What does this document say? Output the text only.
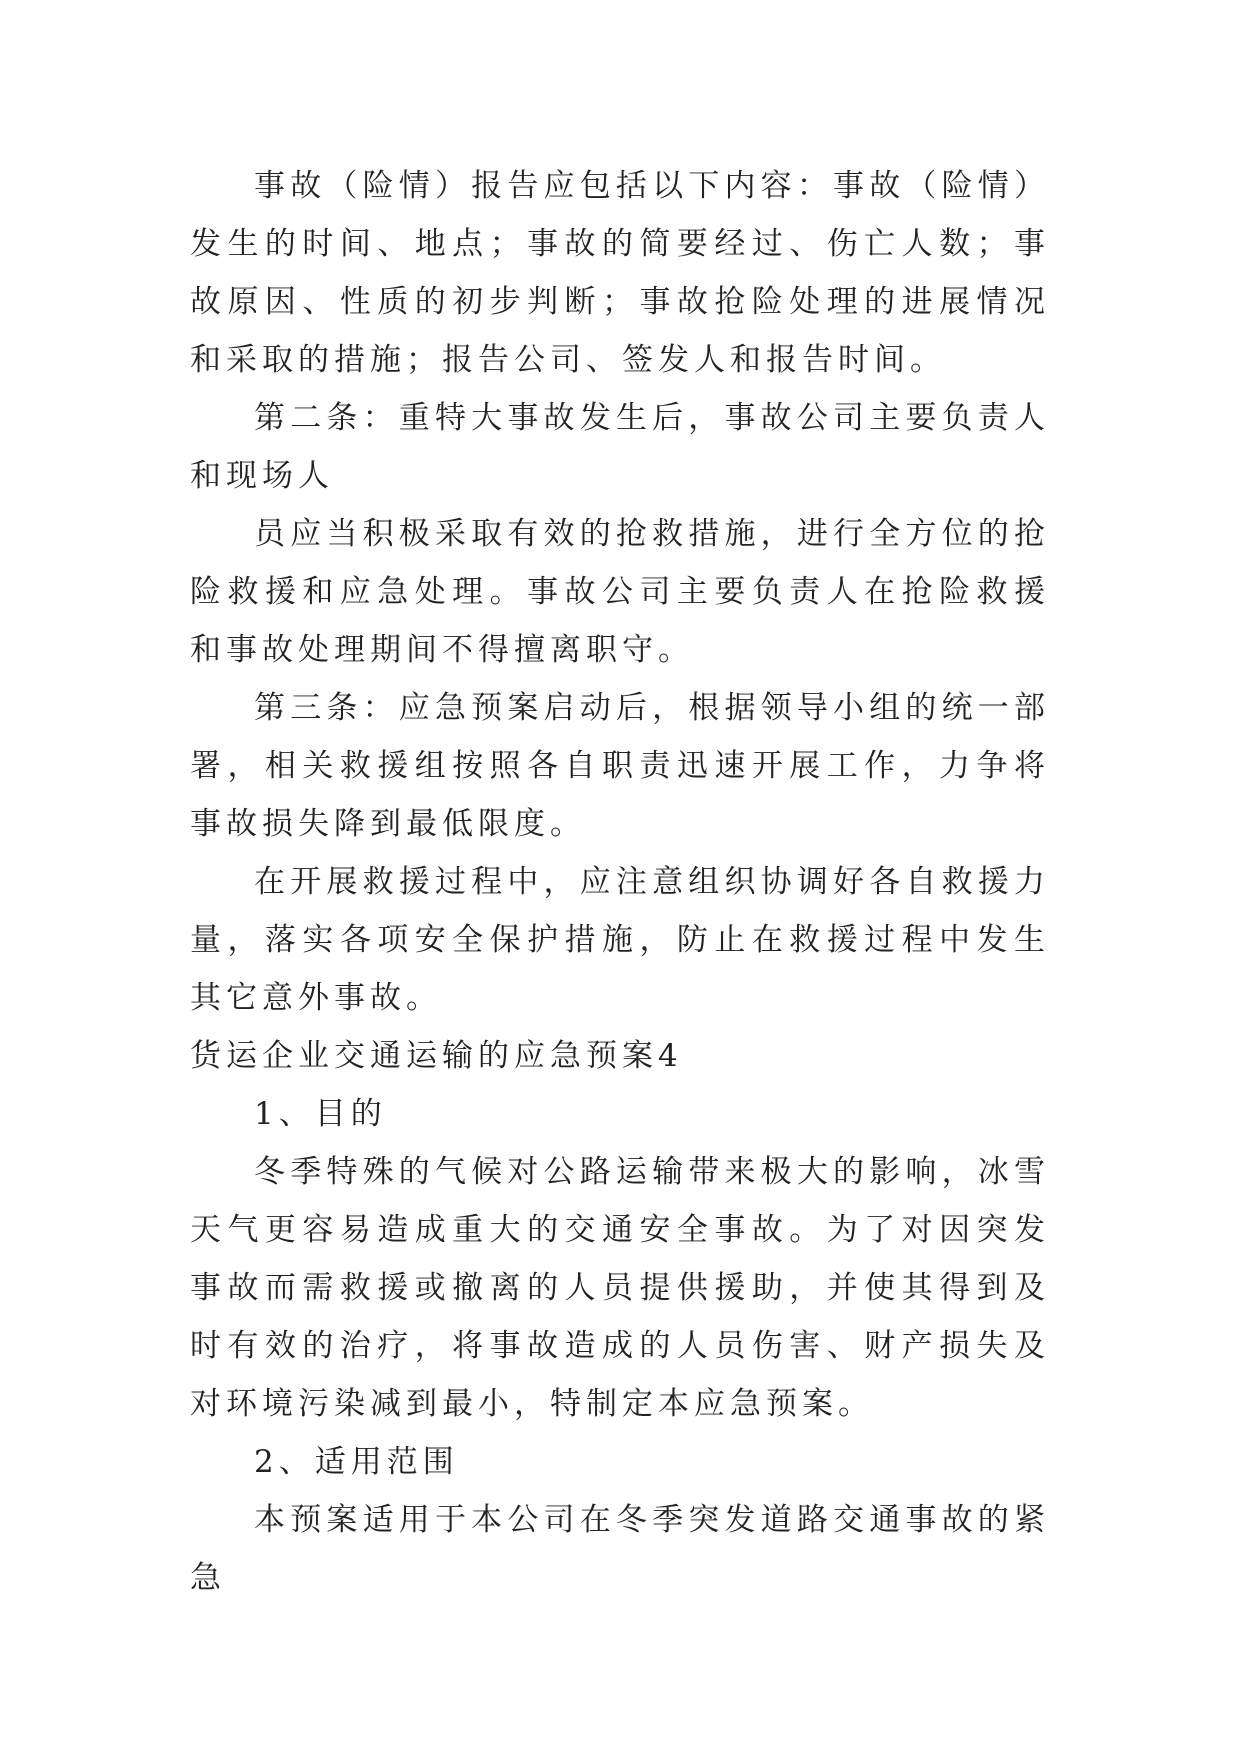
事故（险情）报告应包括以下内容：事故（险情）发生的时间、地点；事故的简要经过、伤亡人数；事故原因、性质的初步判断；事故抢险处理的进展情况和采取的措施；报告公司、签发人和报告时间。

第二条：重特大事故发生后，事故公司主要负责人和现场人

员应当积极采取有效的抢救措施，进行全方位的抢险救援和应急处理。事故公司主要负责人在抢险救援和事故处理期间不得擅离职守。

第三条：应急预案启动后，根据领导小组的统一部署，相关救援组按照各自职责迅速开展工作，力争将事故损失降到最低限度。

在开展救援过程中，应注意组织协调好各自救援力量，落实各项安全保护措施，防止在救援过程中发生其它意外事故。

货运企业交通运输的应急预案4

1、目的

冬季特殊的气候对公路运输带来极大的影响，冰雪天气更容易造成重大的交通安全事故。为了对因突发事故而需救援或撤离的人员提供援助，并使其得到及时有效的治疗，将事故造成的人员伤害、财产损失及对环境污染减到最小，特制定本应急预案。

2、适用范围

本预案适用于本公司在冬季突发道路交通事故的紧急
